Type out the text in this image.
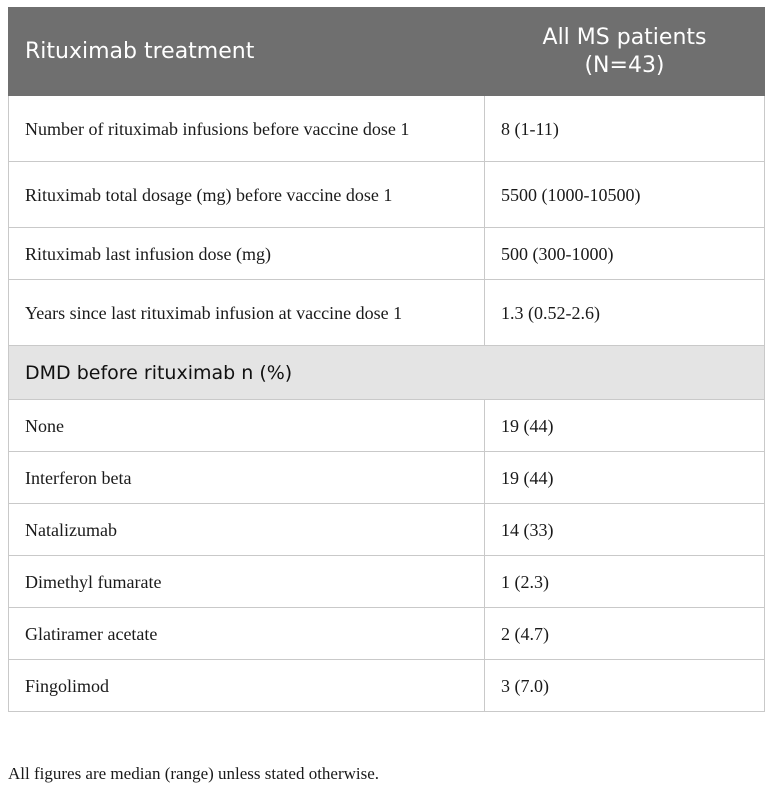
Rituximab treatment	All MS patients
(N=43)
Number of rituximab infusions before vaccine dose 1	8 (1-11)
Rituximab total dosage (mg) before vaccine dose 1	5500 (1000-10500)
Rituximab last infusion dose (mg)	500 (300-1000)
Years since last rituximab infusion at vaccine dose 1	1.3 (0.52-2.6)
DMD before rituximab n (%)	
None	19 (44)
Interferon beta	19 (44)
Natalizumab	14 (33)
Dimethyl fumarate	1 (2.3)
Glatiramer acetate	2 (4.7)
Fingolimod	3 (7.0)
All figures are median (range) unless stated otherwise.
